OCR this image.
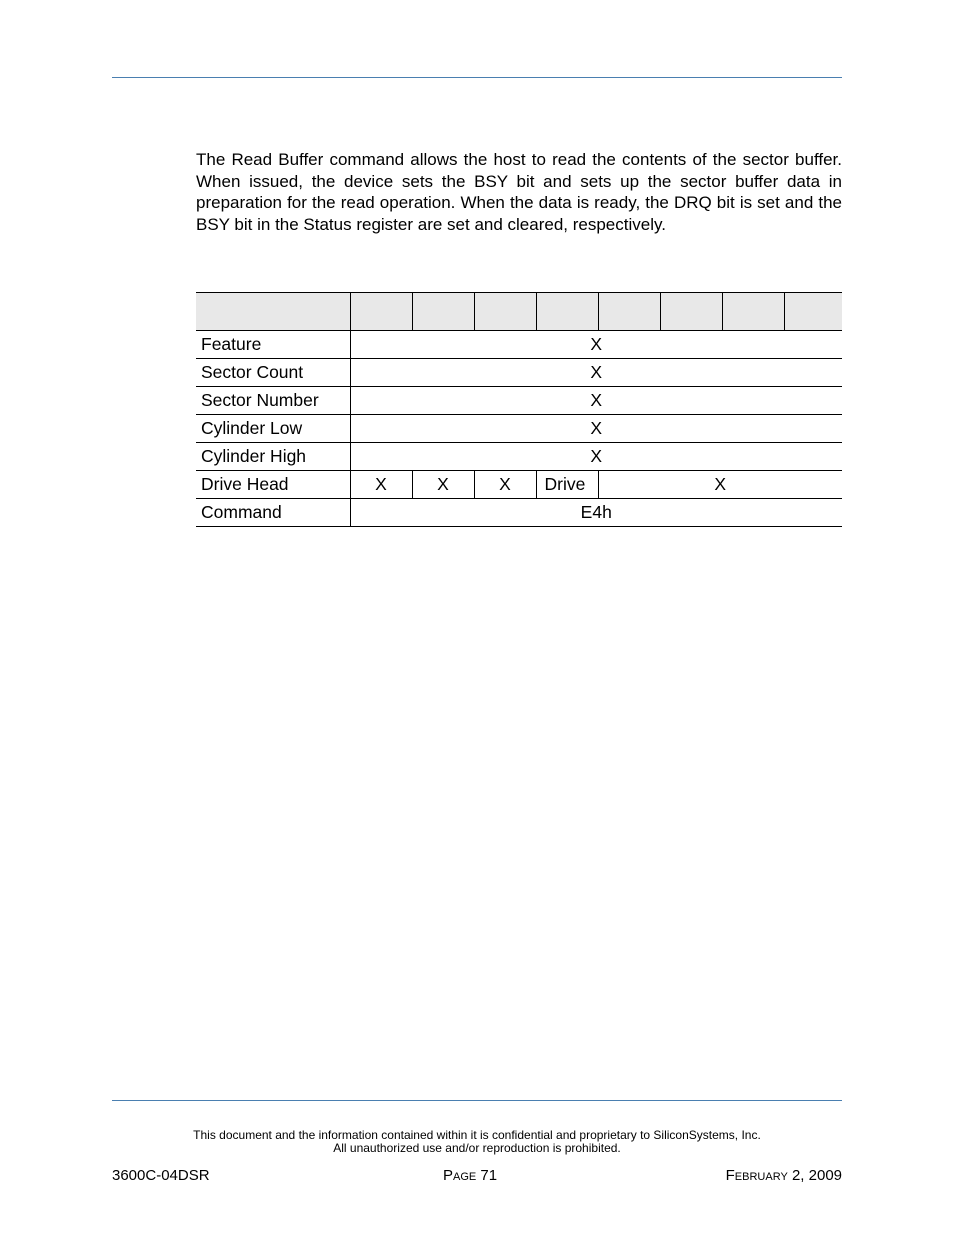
The Read Buffer command allows the host to read the contents of the sector buffer. When issued, the device sets the BSY bit and sets up the sector buffer data in preparation for the read operation. When the data is ready, the DRQ bit is set and the BSY bit in the Status register are set and cleared, respectively.

Feature	X							
Sector Count	X							
Sector Number	X							
Cylinder Low	X							
Cylinder High	X							
Drive Head	X	X	X	Drive	X			
Command	E4h							
This document and the information contained within it is confidential and proprietary to SiliconSystems, Inc.
All unauthorized use and/or reproduction is prohibited.
3600C-04DSR	PAGE 71	FEBRUARY 2, 2009
